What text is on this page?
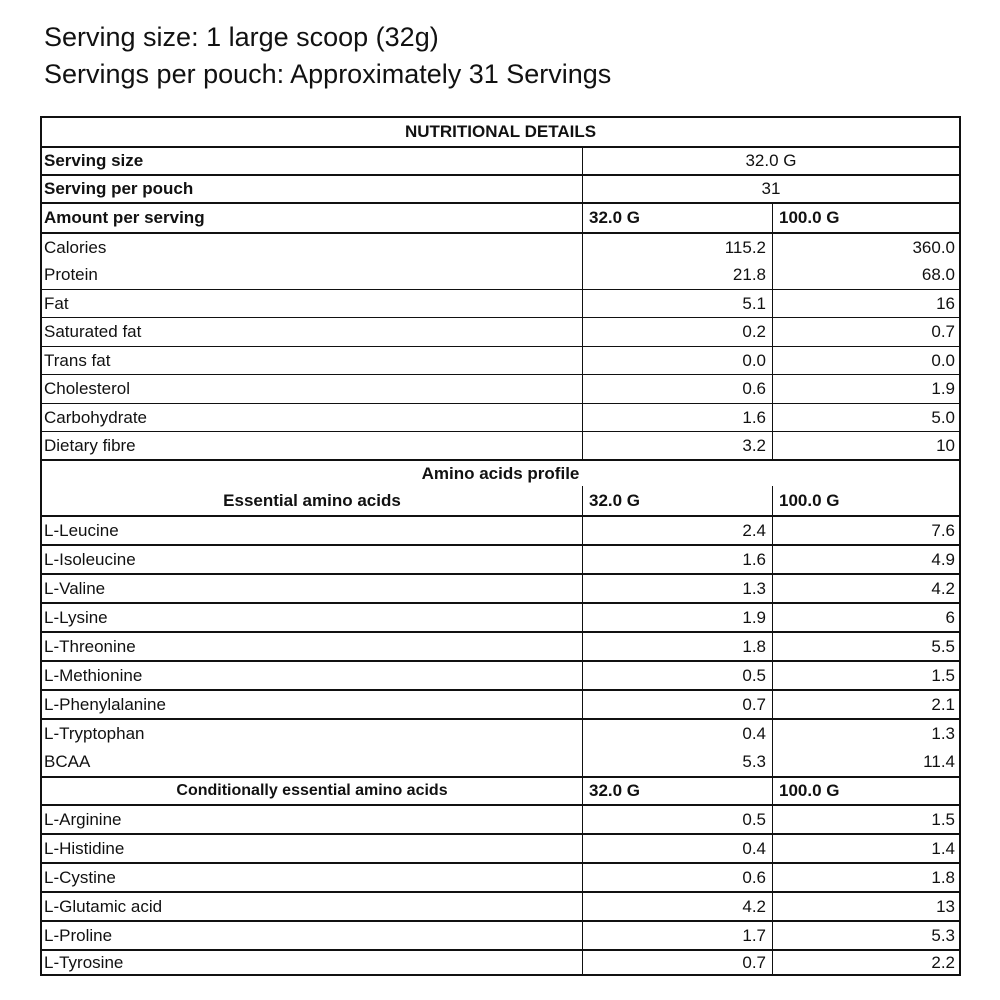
Serving size: 1 large scoop (32g)
Servings per pouch: Approximately 31 Servings
NUTRITIONAL DETAILS
Serving size	32.0 G
Serving per pouch	31
Amount per serving	32.0 G	100.0 G
Calories	115.2	360.0
Protein	21.8	68.0
Fat	5.1	16
Saturated fat	0.2	0.7
Trans fat	0.0	0.0
Cholesterol	0.6	1.9
Carbohydrate	1.6	5.0
Dietary fibre	3.2	10
Amino acids profile
Essential amino acids	32.0 G	100.0 G
L-Leucine	2.4	7.6
L-Isoleucine	1.6	4.9
L-Valine	1.3	4.2
L-Lysine	1.9	6
L-Threonine	1.8	5.5
L-Methionine	0.5	1.5
L-Phenylalanine	0.7	2.1
L-Tryptophan	0.4	1.3
BCAA	5.3	11.4
Conditionally essential amino acids	32.0 G	100.0 G
L-Arginine	0.5	1.5
L-Histidine	0.4	1.4
L-Cystine	0.6	1.8
L-Glutamic acid	4.2	13
L-Proline	1.7	5.3
L-Tyrosine	0.7	2.2
